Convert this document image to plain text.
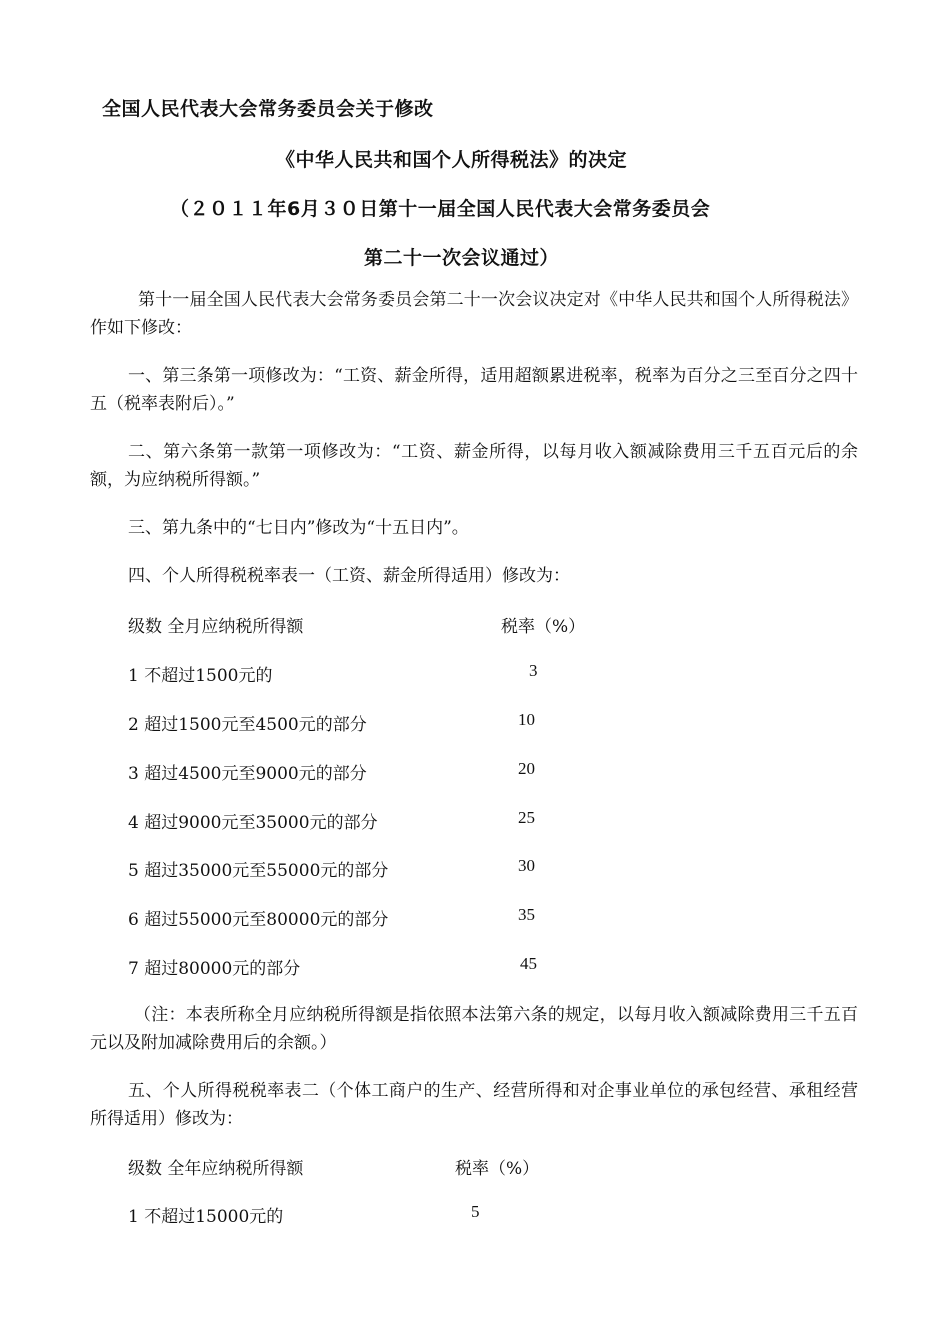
全国人民代表大会常务委员会关于修改
《中华人民共和国个人所得税法》的决定
（２０１１年6月３０日第十一届全国人民代表大会常务委员会
第二十一次会议通过）

第十一届全国人民代表大会常务委员会第二十一次会议决定对《中华人民共和国个人所得税法》作如下修改：

一、第三条第一项修改为：“工资、薪金所得，适用超额累进税率，税率为百分之三至百分之四十五（税率表附后）。”

二、第六条第一款第一项修改为：“工资、薪金所得，以每月收入额减除费用三千五百元后的余额，为应纳税所得额。”

三、第九条中的“七日内”修改为“十五日内”。

四、个人所得税税率表一（工资、薪金所得适用）修改为：

级数 全月应纳税所得额	税率（%）
1 不超过1500元的	3
2 超过1500元至4500元的部分	10
3 超过4500元至9000元的部分	20
4 超过9000元至35000元的部分	25
5 超过35000元至55000元的部分	30
6 超过55000元至80000元的部分	35
7 超过80000元的部分	45

（注：本表所称全月应纳税所得额是指依照本法第六条的规定，以每月收入额减除费用三千五百元以及附加减除费用后的余额。）

五、个人所得税税率表二（个体工商户的生产、经营所得和对企事业单位的承包经营、承租经营所得适用）修改为：

级数 全年应纳税所得额	税率（%）
1 不超过15000元的	5
